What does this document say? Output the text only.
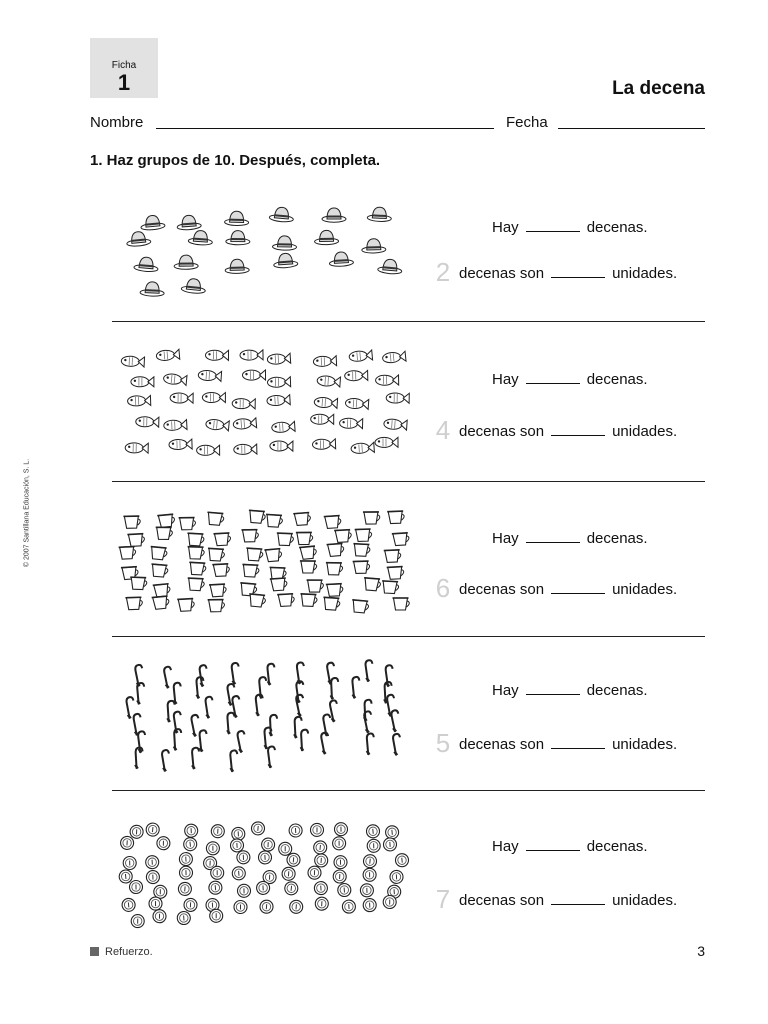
Ficha
1	La decena
Nombre	Fecha
1. Haz grupos de 10. Después, completa.
© 2007 Santillana Educación, S. L.
Hay	decenas.
2 decenas son	unidades.
Hay	decenas.
4 decenas son	unidades.
Hay	decenas.
6 decenas son	unidades.
Hay	decenas.
5 decenas son	unidades.
Hay	decenas.
7 decenas son	unidades.
Refuerzo.	3
